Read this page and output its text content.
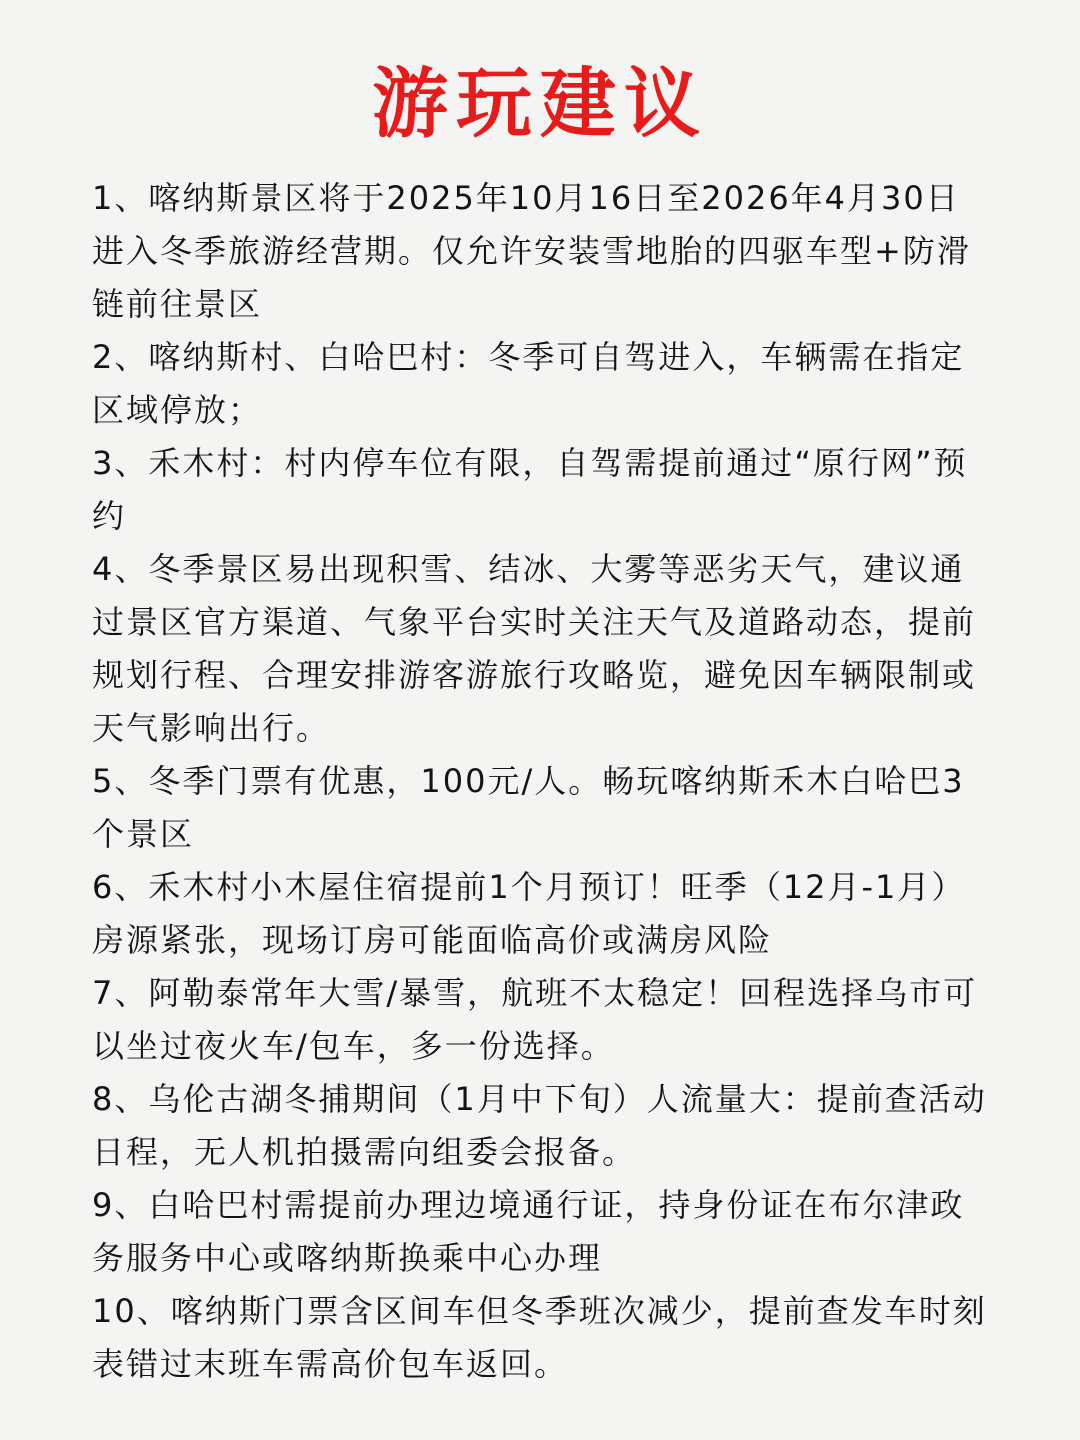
游玩建议

1、喀纳斯景区将于2025年10月16日至2026年4月30日进入冬季旅游经营期。仅允许安装雪地胎的四驱车型+防滑链前往景区

2、喀纳斯村、白哈巴村：冬季可自驾进入，车辆需在指定区域停放；

3、禾木村：村内停车位有限，自驾需提前通过“原行网”预约

4、冬季景区易出现积雪、结冰、大雾等恶劣天气，建议通过景区官方渠道、气象平台实时关注天气及道路动态，提前规划行程、合理安排游客游旅行攻略览，避免因车辆限制或天气影响出行。

5、冬季门票有优惠，100元/人。畅玩喀纳斯禾木白哈巴3个景区

6、禾木村小木屋住宿提前1个月预订！旺季（12月-1月）房源紧张，现场订房可能面临高价或满房风险

7、阿勒泰常年大雪/暴雪，航班不太稳定！回程选择乌市可以坐过夜火车/包车，多一份选择。

8、乌伦古湖冬捕期间（1月中下旬）人流量大：提前查活动日程，无人机拍摄需向组委会报备。

9、白哈巴村需提前办理边境通行证，持身份证在布尔津政务服务中心或喀纳斯换乘中心办理

10、喀纳斯门票含区间车但冬季班次减少，提前查发车时刻表错过末班车需高价包车返回。
